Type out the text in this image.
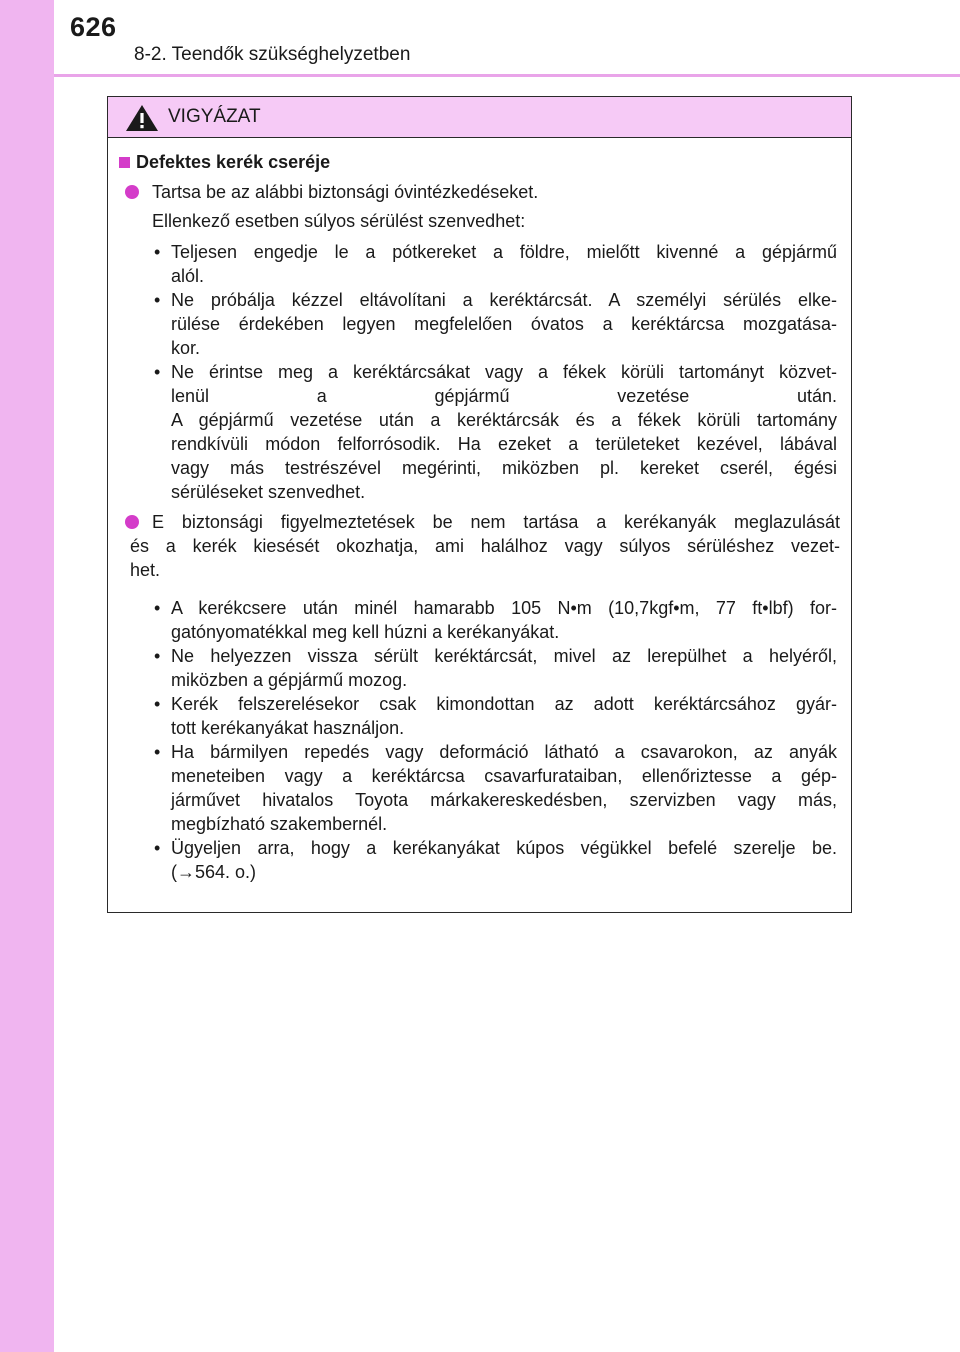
626
8-2. Teendők szükséghelyzetben
VIGYÁZAT
Defektes kerék cseréje
Tartsa be az alábbi biztonsági óvintézkedéseket.
Ellenkező esetben súlyos sérülést szenvedhet:
• Teljesen engedje le a pótkereket a földre, mielőtt kivenné a gépjármű
alól.
• Ne próbálja kézzel eltávolítani a keréktárcsát. A személyi sérülés elke-
rülése érdekében legyen megfelelően óvatos a keréktárcsa mozgatása-
kor.
• Ne érintse meg a keréktárcsákat vagy a fékek körüli tartományt közvet-
lenül a gépjármű vezetése után.
A gépjármű vezetése után a keréktárcsák és a fékek körüli tartomány
rendkívüli módon felforrósodik. Ha ezeket a területeket kezével, lábával
vagy más testrészével megérinti, miközben pl. kereket cserél, égési
sérüléseket szenvedhet.
E biztonsági figyelmeztetések be nem tartása a kerékanyák meglazulását
és a kerék kiesését okozhatja, ami halálhoz vagy súlyos sérüléshez vezet-
het.
• A kerékcsere után minél hamarabb 105 N•m (10,7kgf•m, 77 ft•lbf) for-
gatónyomatékkal meg kell húzni a kerékanyákat.
• Ne helyezzen vissza sérült keréktárcsát, mivel az lerepülhet a helyéről,
miközben a gépjármű mozog.
• Kerék felszerelésekor csak kimondottan az adott keréktárcsához gyár-
tott kerékanyákat használjon.
• Ha bármilyen repedés vagy deformáció látható a csavarokon, az anyák
meneteiben vagy a keréktárcsa csavarfurataiban, ellenőriztesse a gép-
járművet hivatalos Toyota márkakereskedésben, szervizben vagy más,
megbízható szakembernél.
• Ügyeljen arra, hogy a kerékanyákat kúpos végükkel befelé szerelje be.
(→564. o.)
